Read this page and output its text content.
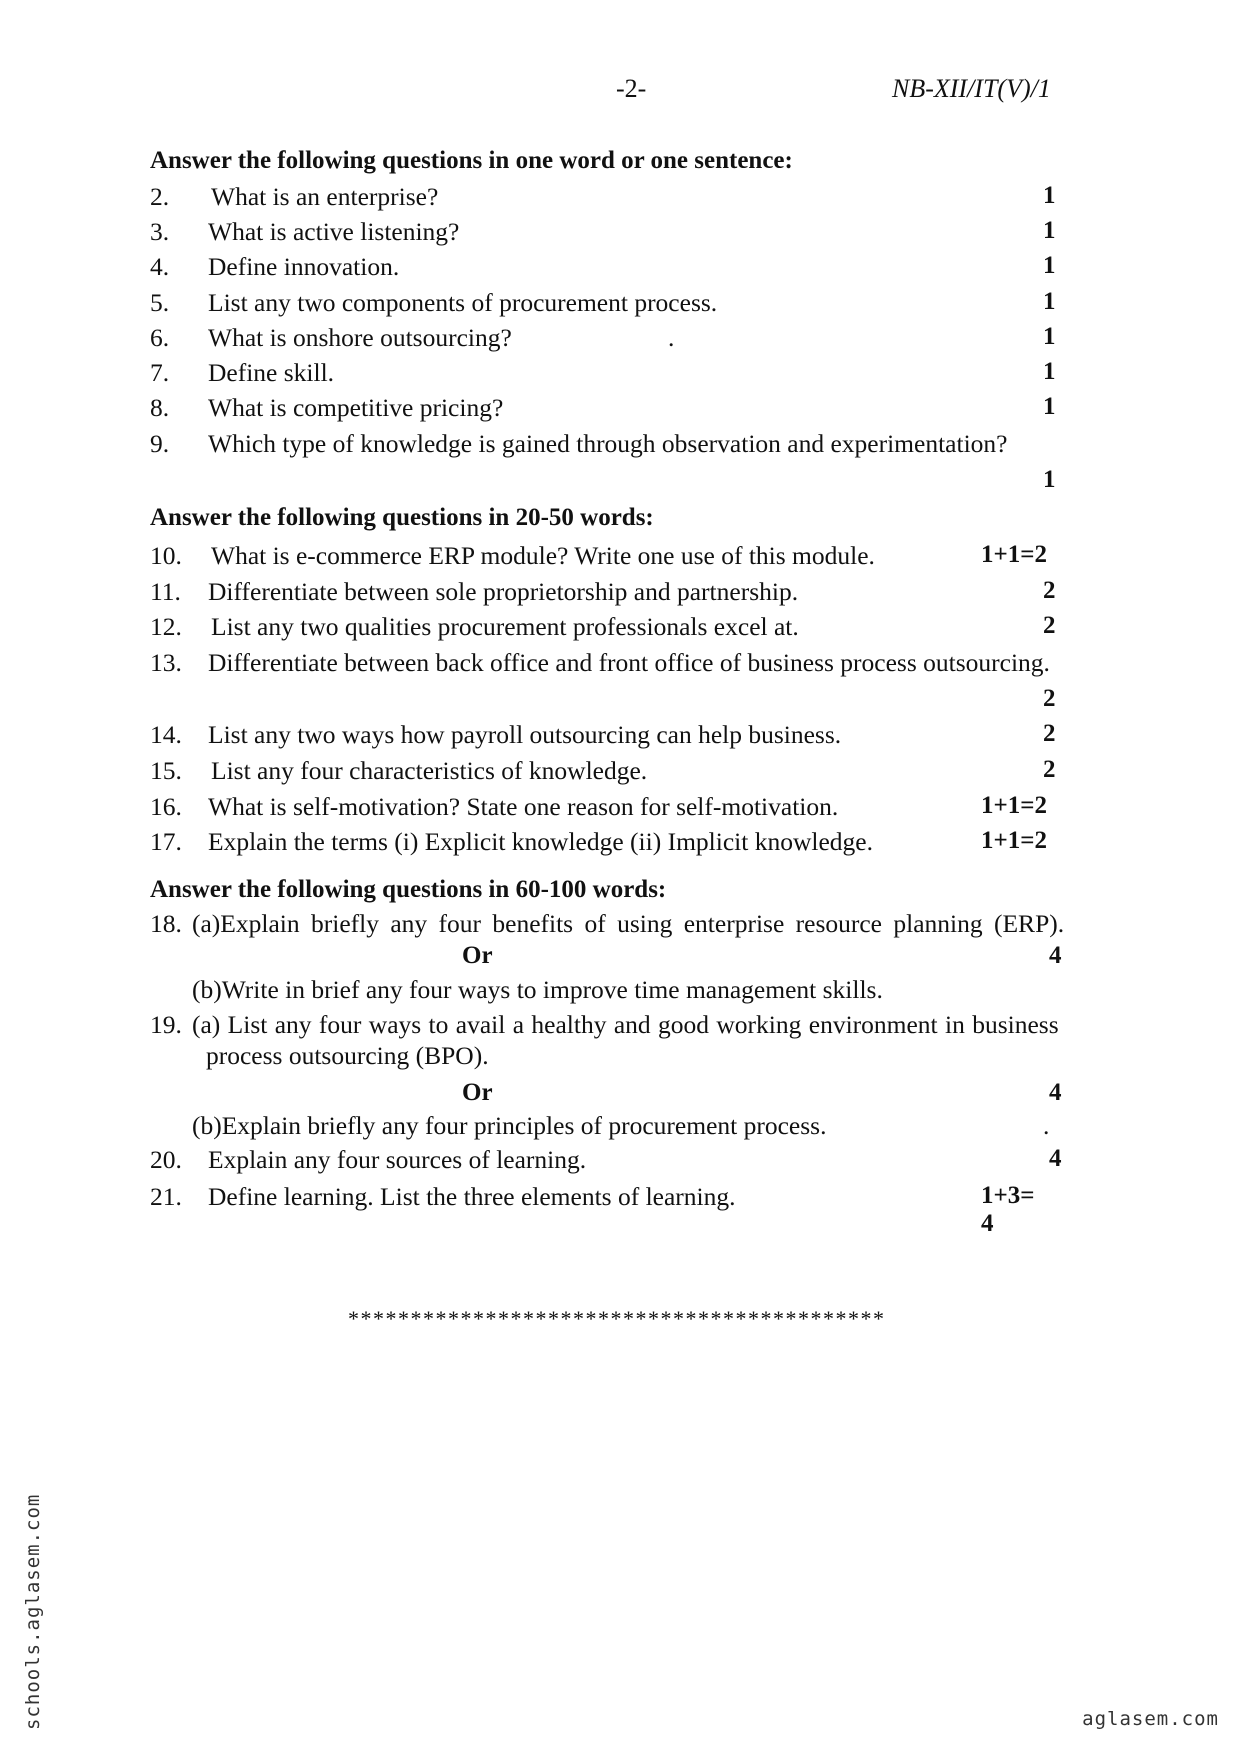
-2-	NB-XII/IT(V)/1
Answer the following questions in one word or one sentence:
2. What is an enterprise?	1
3. What is active listening?	1
4. Define innovation.	1
5. List any two components of procurement process.	1
6. What is onshore outsourcing?	.	1
7. Define skill.	1
8. What is competitive pricing?	1
9. Which type of knowledge is gained through observation and experimentation?
1
Answer the following questions in 20-50 words:
10. What is e-commerce ERP module? Write one use of this module.	1+1=2
11. Differentiate between sole proprietorship and partnership.	2
12. List any two qualities procurement professionals excel at.	2
13. Differentiate between back office and front office of business process outsourcing.
2
14. List any two ways how payroll outsourcing can help business.	2
15. List any four characteristics of knowledge.	2
16. What is self-motivation? State one reason for self-motivation.	1+1=2
17. Explain the terms (i) Explicit knowledge (ii) Implicit knowledge.	1+1=2
Answer the following questions in 60-100 words:
18. (a)Explain briefly any four benefits of using enterprise resource planning (ERP).
Or	4
(b)Write in brief any four ways to improve time management skills.
19. (a) List any four ways to avail a healthy and good working environment in business
process outsourcing (BPO).
Or	4
(b)Explain briefly any four principles of procurement process.	.
20. Explain any four sources of learning.	4
21. Define learning. List the three elements of learning.	1+3= 4
*******************************************
schools.aglasem.com	aglasem.com
